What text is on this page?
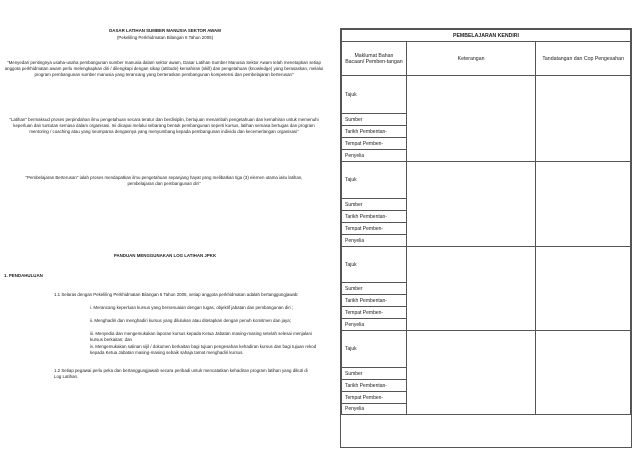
DASAR LATIHAN SUMBER MANUSIA SEKTOR AWAM
(Pekeliling Perkhidmatan Bilangan 6 Tahun 2005)
"Menyedari pentingnya usaha-usaha pembangunan sumber manusia dalam sektor awam, Dasar Latihan Sumber Manusia Sektor Awam telah menetapkan setiap anggota perkhidmatan awam perlu melengkapkan diri / dilengkapi dengan sikap (attitude) kemahiran (skill) dan pengetahuan (knowledge) yang berasaskan, melalui program pembangunan sumber manusia yang terancang yang berteraskan pembangunan kompetensi dan pembelajaran berterusan"
"Latihan" bermaksud proses perpindahan ilmu pengetahuan secara teratur dan berdisiplin, bertujuan menambah pengetahuan dan kemahiran untuk memenuhi keperluan dan tuntutan semasa dalam organisasi. Ini dicapai melalui sebarang bentuk pembangunan seperti kursus, latihan semasa bertugas dan program mentoring / coaching atau yang seumpama dengannya yang menyumbang kepada pembangunan individu dan kecemerlangan organisasi"
"Pembelajaran Berterusan" ialah proses mendapatkan ilmu pengetahuan sepanjang hayat yang melibatkan tiga (3) elemen utama iaitu latihan, pembelajaran dan pembangunan diri"
PANDUAN MENGGUNAKAN LOG LATIHAN JPKK
1. PENDAHULUAN
1.1 Selaras dengan Pekeliling Perkhidmatan Bilangan 6 Tahun 2005, setiap anggota perkhidmatan adalah bertanggungjawab:
i. Merancang keperluan kursus yang bersesuaian dengan tugas, objektif jabatan dan pembangunan diri ;
ii. Menghadiri dan menghadiri kursus yang dilulukan atau ditetapkan dengan penuh komitmen dan jaya;
iii. Menyedia dan mengemukakan laporan kursus kepada Ketua Jabatan masing-masing setelah selesai menjalani kursus berkaitan; dan
iv. Mengemukakan salinan sijil / dokumen berkaitan bagi tujuan pengesahan kehadiran kursus dan bagi tujuan rekod kepada Ketua Jabatan masing-masing sebaik sahaja tamat menghadiri kursus.
1.2 Setiap pegawai perlu peka dan bertanggungjawab secara peribadi untuk mencatatkan kehadiran program latihan yang dikuti di Log Latihan.
PEMBELAJARAN KENDIRI		
Maklumat Bahan Bacaan/ Pemben-tangan	Keterangan	Tandatangan dan Cop Pengesahan
Tajuk		
Sumber		
Tarikh Pembentan-		
Tempat Pemben-		
Penyelia		
Tajuk		
Sumber		
Tarikh Pembentan-		
Tempat Pemben-		
Penyelia		
Tajuk		
Sumber		
Tarikh Pembentan-		
Tempat Pemben-		
Penyelia		
Tajuk		
Sumber		
Tarikh Pembentan-		
Tempat Pemben-		
Penyelia		
